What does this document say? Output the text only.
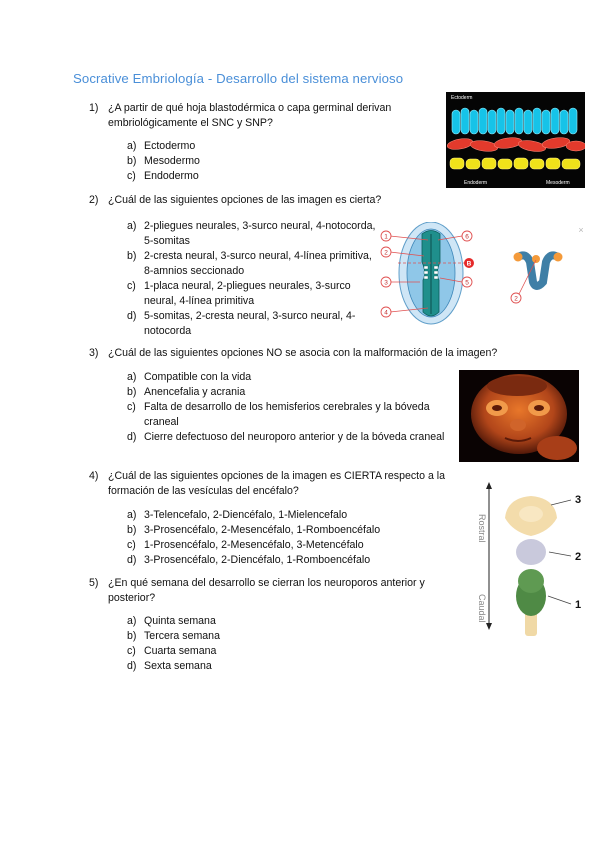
Socrative Embriología - Desarrollo del sistema nervioso
1) ¿A partir de qué hoja blastodérmica o capa germinal derivan embriológicamente el SNC y SNP?
a) Ectodermo
b) Mesodermo
c) Endodermo
Ectoderm
Endoderm	Mesoderm
2) ¿Cuál de las siguientes opciones de las imagen es cierta?
a) 2-pliegues neurales, 3-surco neural, 4-notocorda, 5-somitas
b) 2-cresta neural, 3-surco neural, 4-línea primitiva, 8-amnios seccionado
c) 1-placa neural, 2-pliegues neurales, 3-surco neural, 4-línea primitiva
d) 5-somitas, 2-cresta neural, 3-surco neural, 4-notocorda
1
2
3
4
5
6
B
2
×
3) ¿Cuál de las siguientes opciones NO se asocia con la malformación de la imagen?
a) Compatible con la vida
b) Anencefalia y acrania
c) Falta de desarrollo de los hemisferios cerebrales y la bóveda craneal
d) Cierre defectuoso del neuroporo anterior y de la bóveda craneal
4) ¿Cuál de las siguientes opciones de la imagen es CIERTA respecto a la formación de las vesículas del encéfalo?
a) 3-Telencefalo, 2-Diencéfalo, 1-Mielencefalo
b) 3-Prosencéfalo, 2-Mesencéfalo, 1-Romboencéfalo
c) 1-Prosencéfalo, 2-Mesencéfalo, 3-Metencéfalo
d) 3-Prosencéfalo, 2-Diencéfalo, 1-Romboencéfalo
Rostral
Caudal
3
2
1
5) ¿En qué semana del desarrollo se cierran los neuroporos anterior y posterior?
a) Quinta semana
b) Tercera semana
c) Cuarta semana
d) Sexta semana
